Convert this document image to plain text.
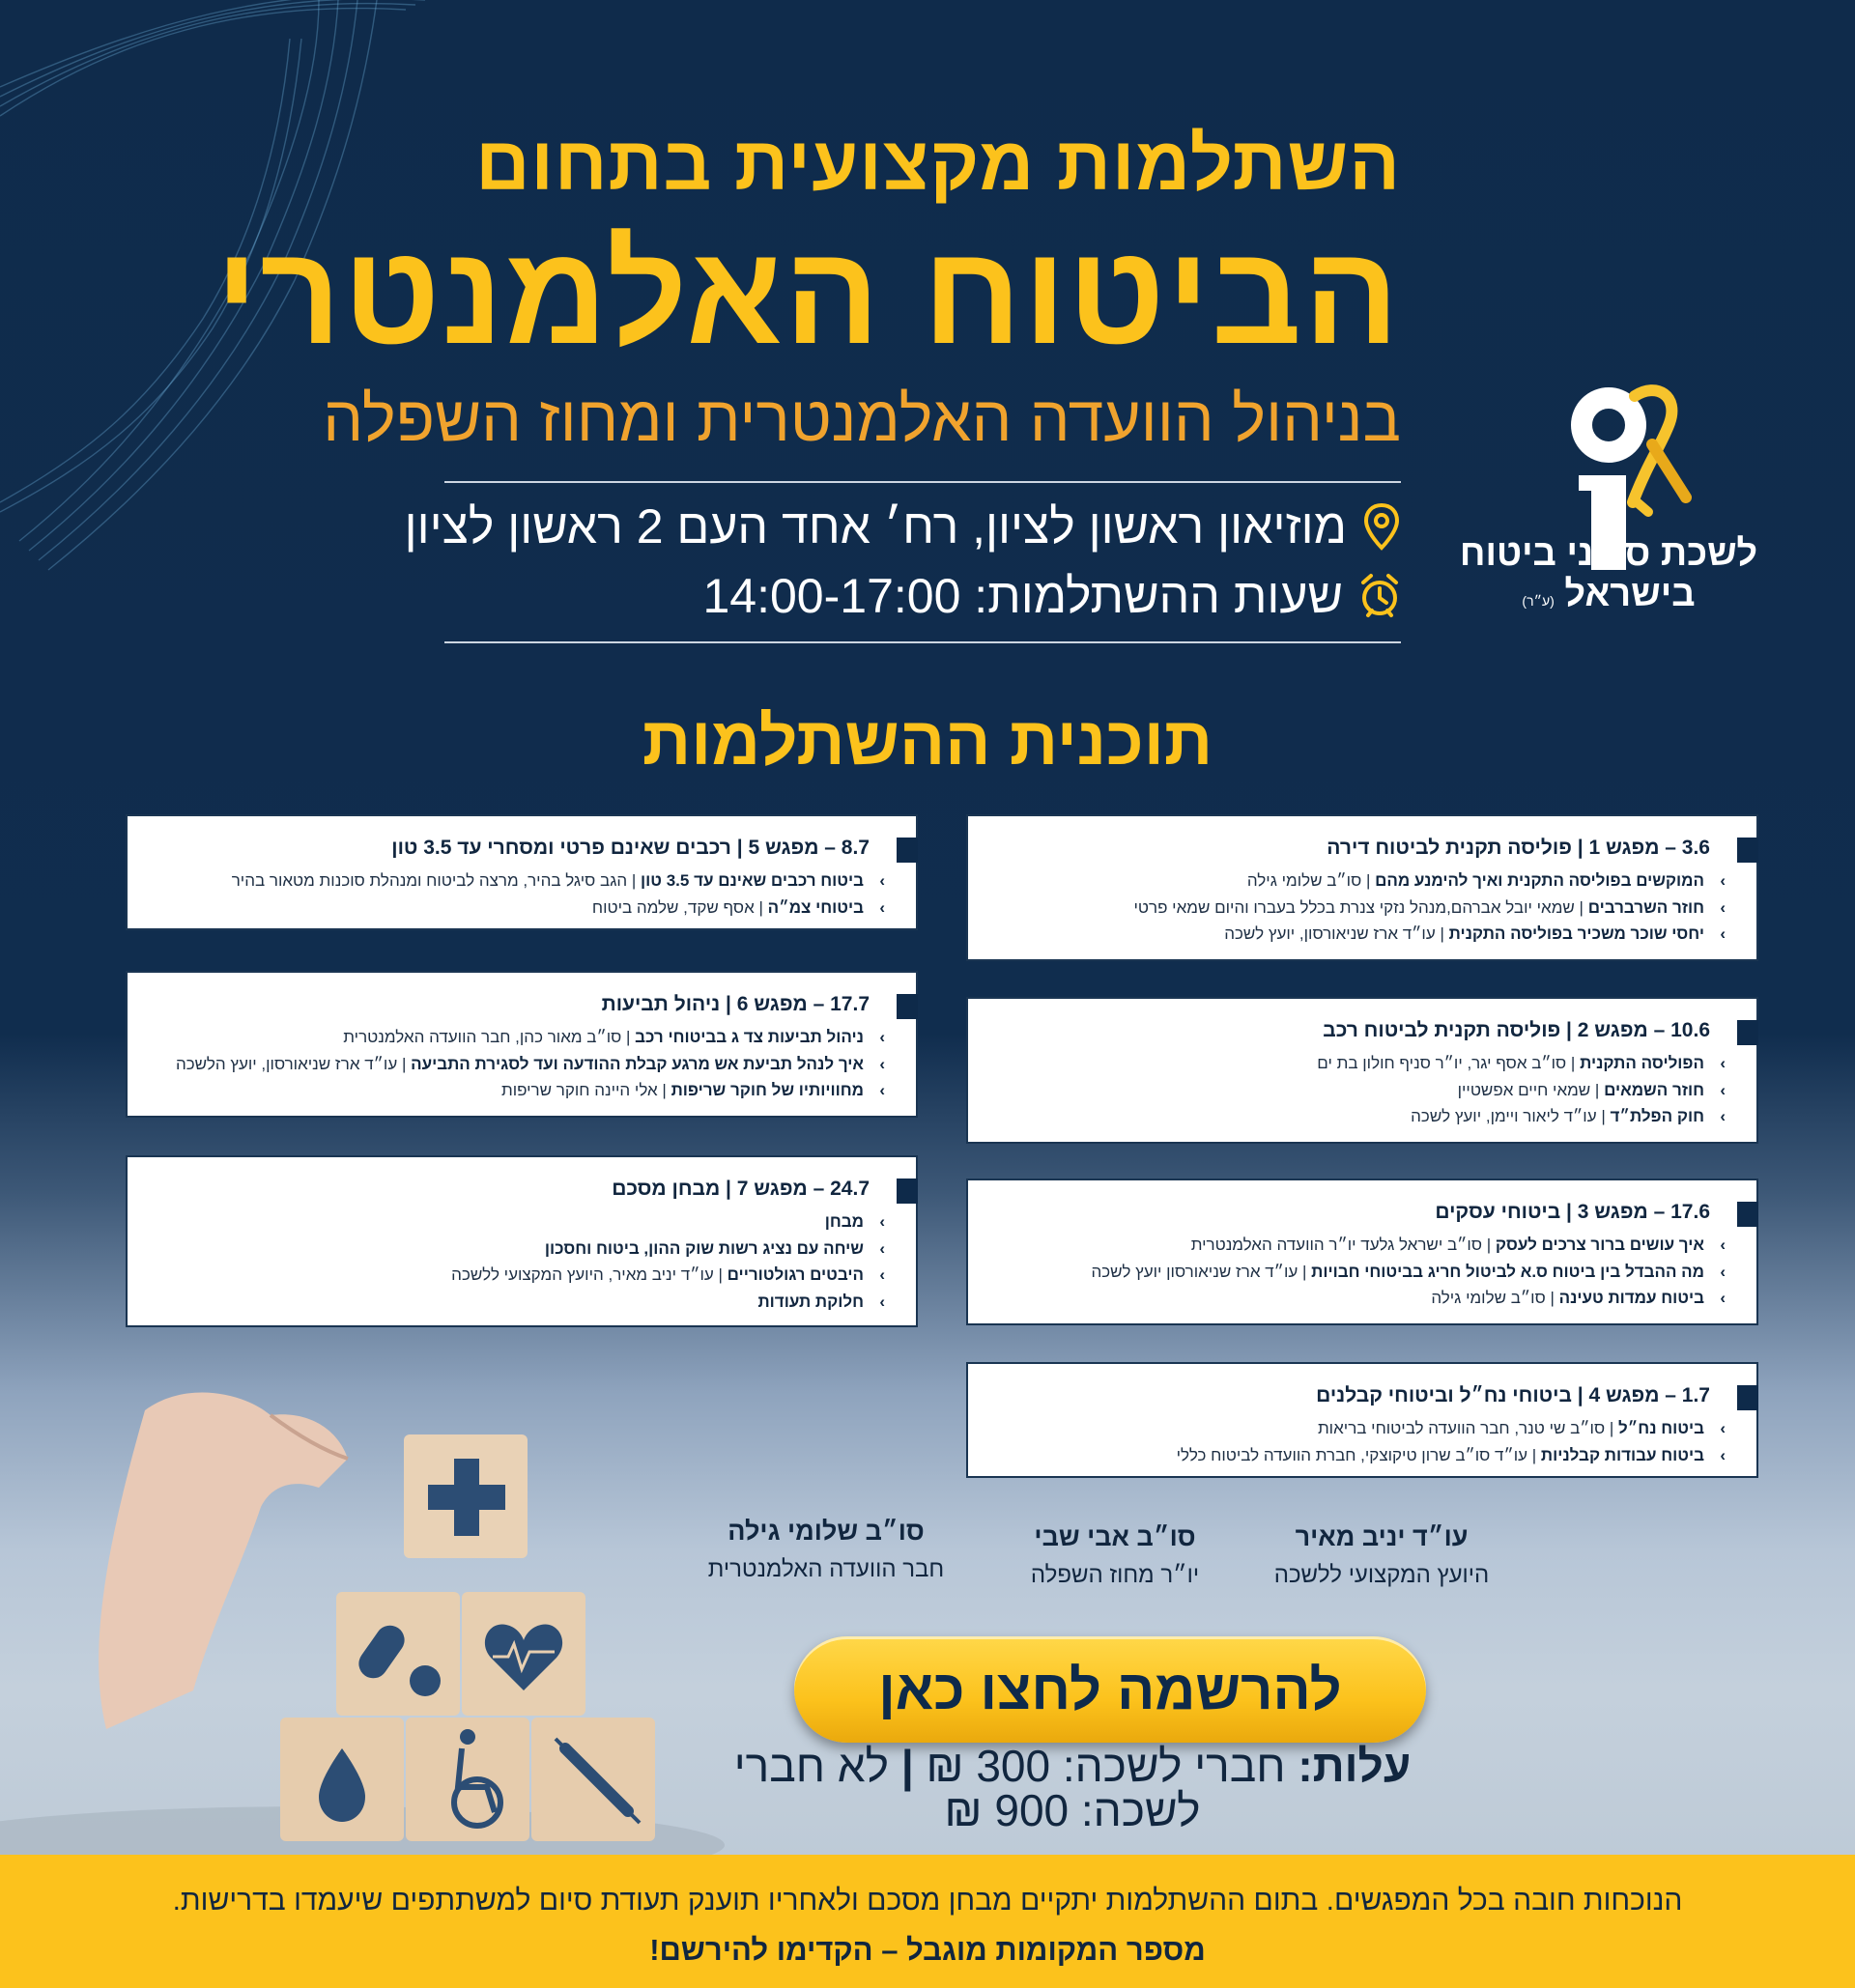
השתלמות מקצועית בתחום
הביטוח האלמנטרי
בניהול הוועדה האלמנטרית ומחוז השפלה
מוזיאון ראשון לציון, רח׳ אחד העם 2 ראשון לציון
שעות ההשתלמות: 14:00-17:00
לשכת סוכני ביטוח
בישראל (ע״ר)
תוכנית ההשתלמות
3.6 – מפגש 1 | פוליסה תקנית לביטוח דירה
›
המוקשים בפוליסה התקנית ואיך להימנע מהם | סו״ב שלומי גילה
›
חוזר השרברבים | שמאי יובל אברהם,מנהל נזקי צנרת בכלל בעברו והיום שמאי פרטי
›
יחסי שוכר משכיר בפוליסה התקנית | עו״ד ארז שניאורסון, יועץ לשכה
10.6 – מפגש 2 | פוליסה תקנית לביטוח רכב
›
הפוליסה התקנית | סו״ב אסף יגר, יו״ר סניף חולון בת ים
›
חוזר השמאים | שמאי חיים אפשטיין
›
חוק הפלת״ד | עו״ד ליאור ויימן, יועץ לשכה
17.6 – מפגש 3 | ביטוחי עסקים
›
איך עושים ברור צרכים לעסק | סו״ב ישראל גלעד יו״ר הוועדה האלמנטרית
›
מה ההבדל בין ביטוח ס.א לביטול חריג בביטוחי חבויות | עו״ד ארז שניאורסון יועץ לשכה
›
ביטוח עמדות טעינה | סו״ב שלומי גילה
1.7 – מפגש 4 | ביטוחי נח״ל וביטוחי קבלנים
›
ביטוח נח״ל | סו״ב שי טנר, חבר הוועדה לביטוחי בריאות
›
ביטוח עבודות קבלניות | עו״ד סו״ב שרון טיקוצקי, חברת הוועדה לביטוח כללי
8.7 – מפגש 5 | רכבים שאינם פרטי ומסחרי עד 3.5 טון
›
ביטוח רכבים שאינם עד 3.5 טון | הגב סיגל בהיר, מרצה לביטוח ומנהלת סוכנות מטאור בהיר
›
ביטוחי צמ״ה | אסף שקד, שלמה ביטוח
17.7 – מפגש 6 | ניהול תביעות
›
ניהול תביעות צד ג בביטוחי רכב | סו״ב מאור כהן, חבר הוועדה האלמנטרית
›
איך לנהל תביעת אש מרגע קבלת ההודעה ועד לסגירת התביעה | עו״ד ארז שניאורסון, יועץ הלשכה
›
מחוויותיו של חוקר שריפות | אלי היינה חוקר שריפות
24.7 – מפגש 7 | מבחן מסכם
›
מבחן
›
שיחה עם נציג רשות שוק ההון, ביטוח וחסכון
›
היבטים רגולטוריים | עו״ד יניב מאיר, היועץ המקצועי ללשכה
›
חלוקת תעודות
עו״ד יניב מאיר
היועץ המקצועי ללשכה
סו״ב אבי שבי
יו״ר מחוז השפלה
סו״ב שלומי גילה
חבר הוועדה האלמנטרית
להרשמה לחצו כאן
עלות: חברי לשכה: 300 ₪ | לא חברי לשכה: 900 ₪
הנוכחות חובה בכל המפגשים. בתום ההשתלמות יתקיים מבחן מסכם ולאחריו תוענק תעודת סיום למשתתפים שיעמדו בדרישות.
מספר המקומות מוגבל – הקדימו להירשם!
